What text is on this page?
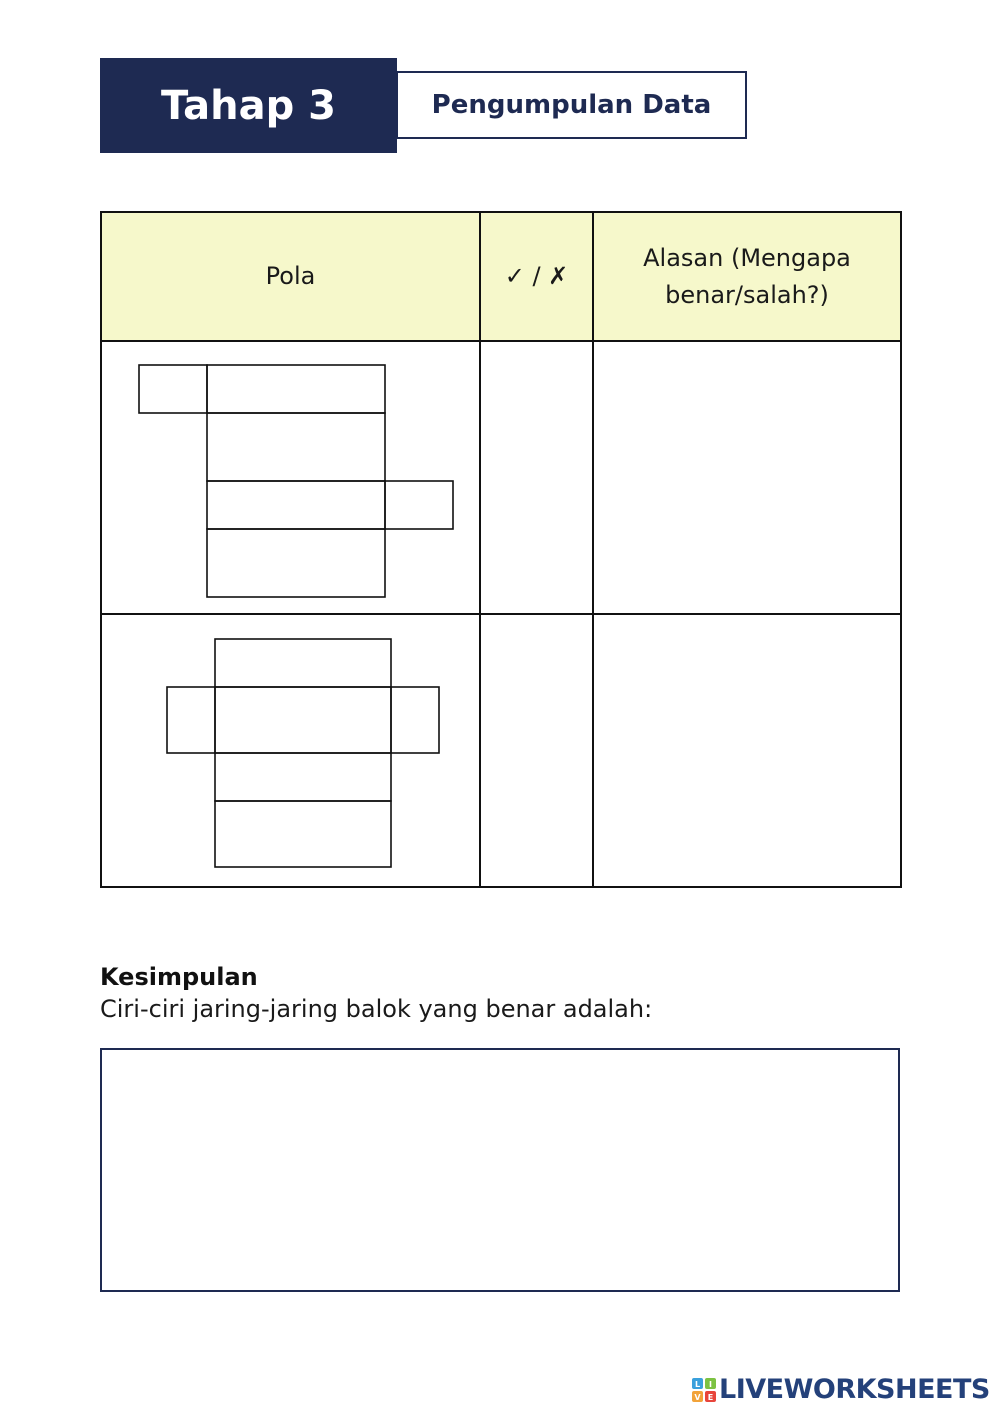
Tahap 3	Pengumpulan Data
Pola	✓ / ✗	Alasan (Mengapa benar/salah?)

Kesimpulan
Ciri-ciri jaring-jaring balok yang benar adalah:
L I
V E LIVEWORKSHEETS
